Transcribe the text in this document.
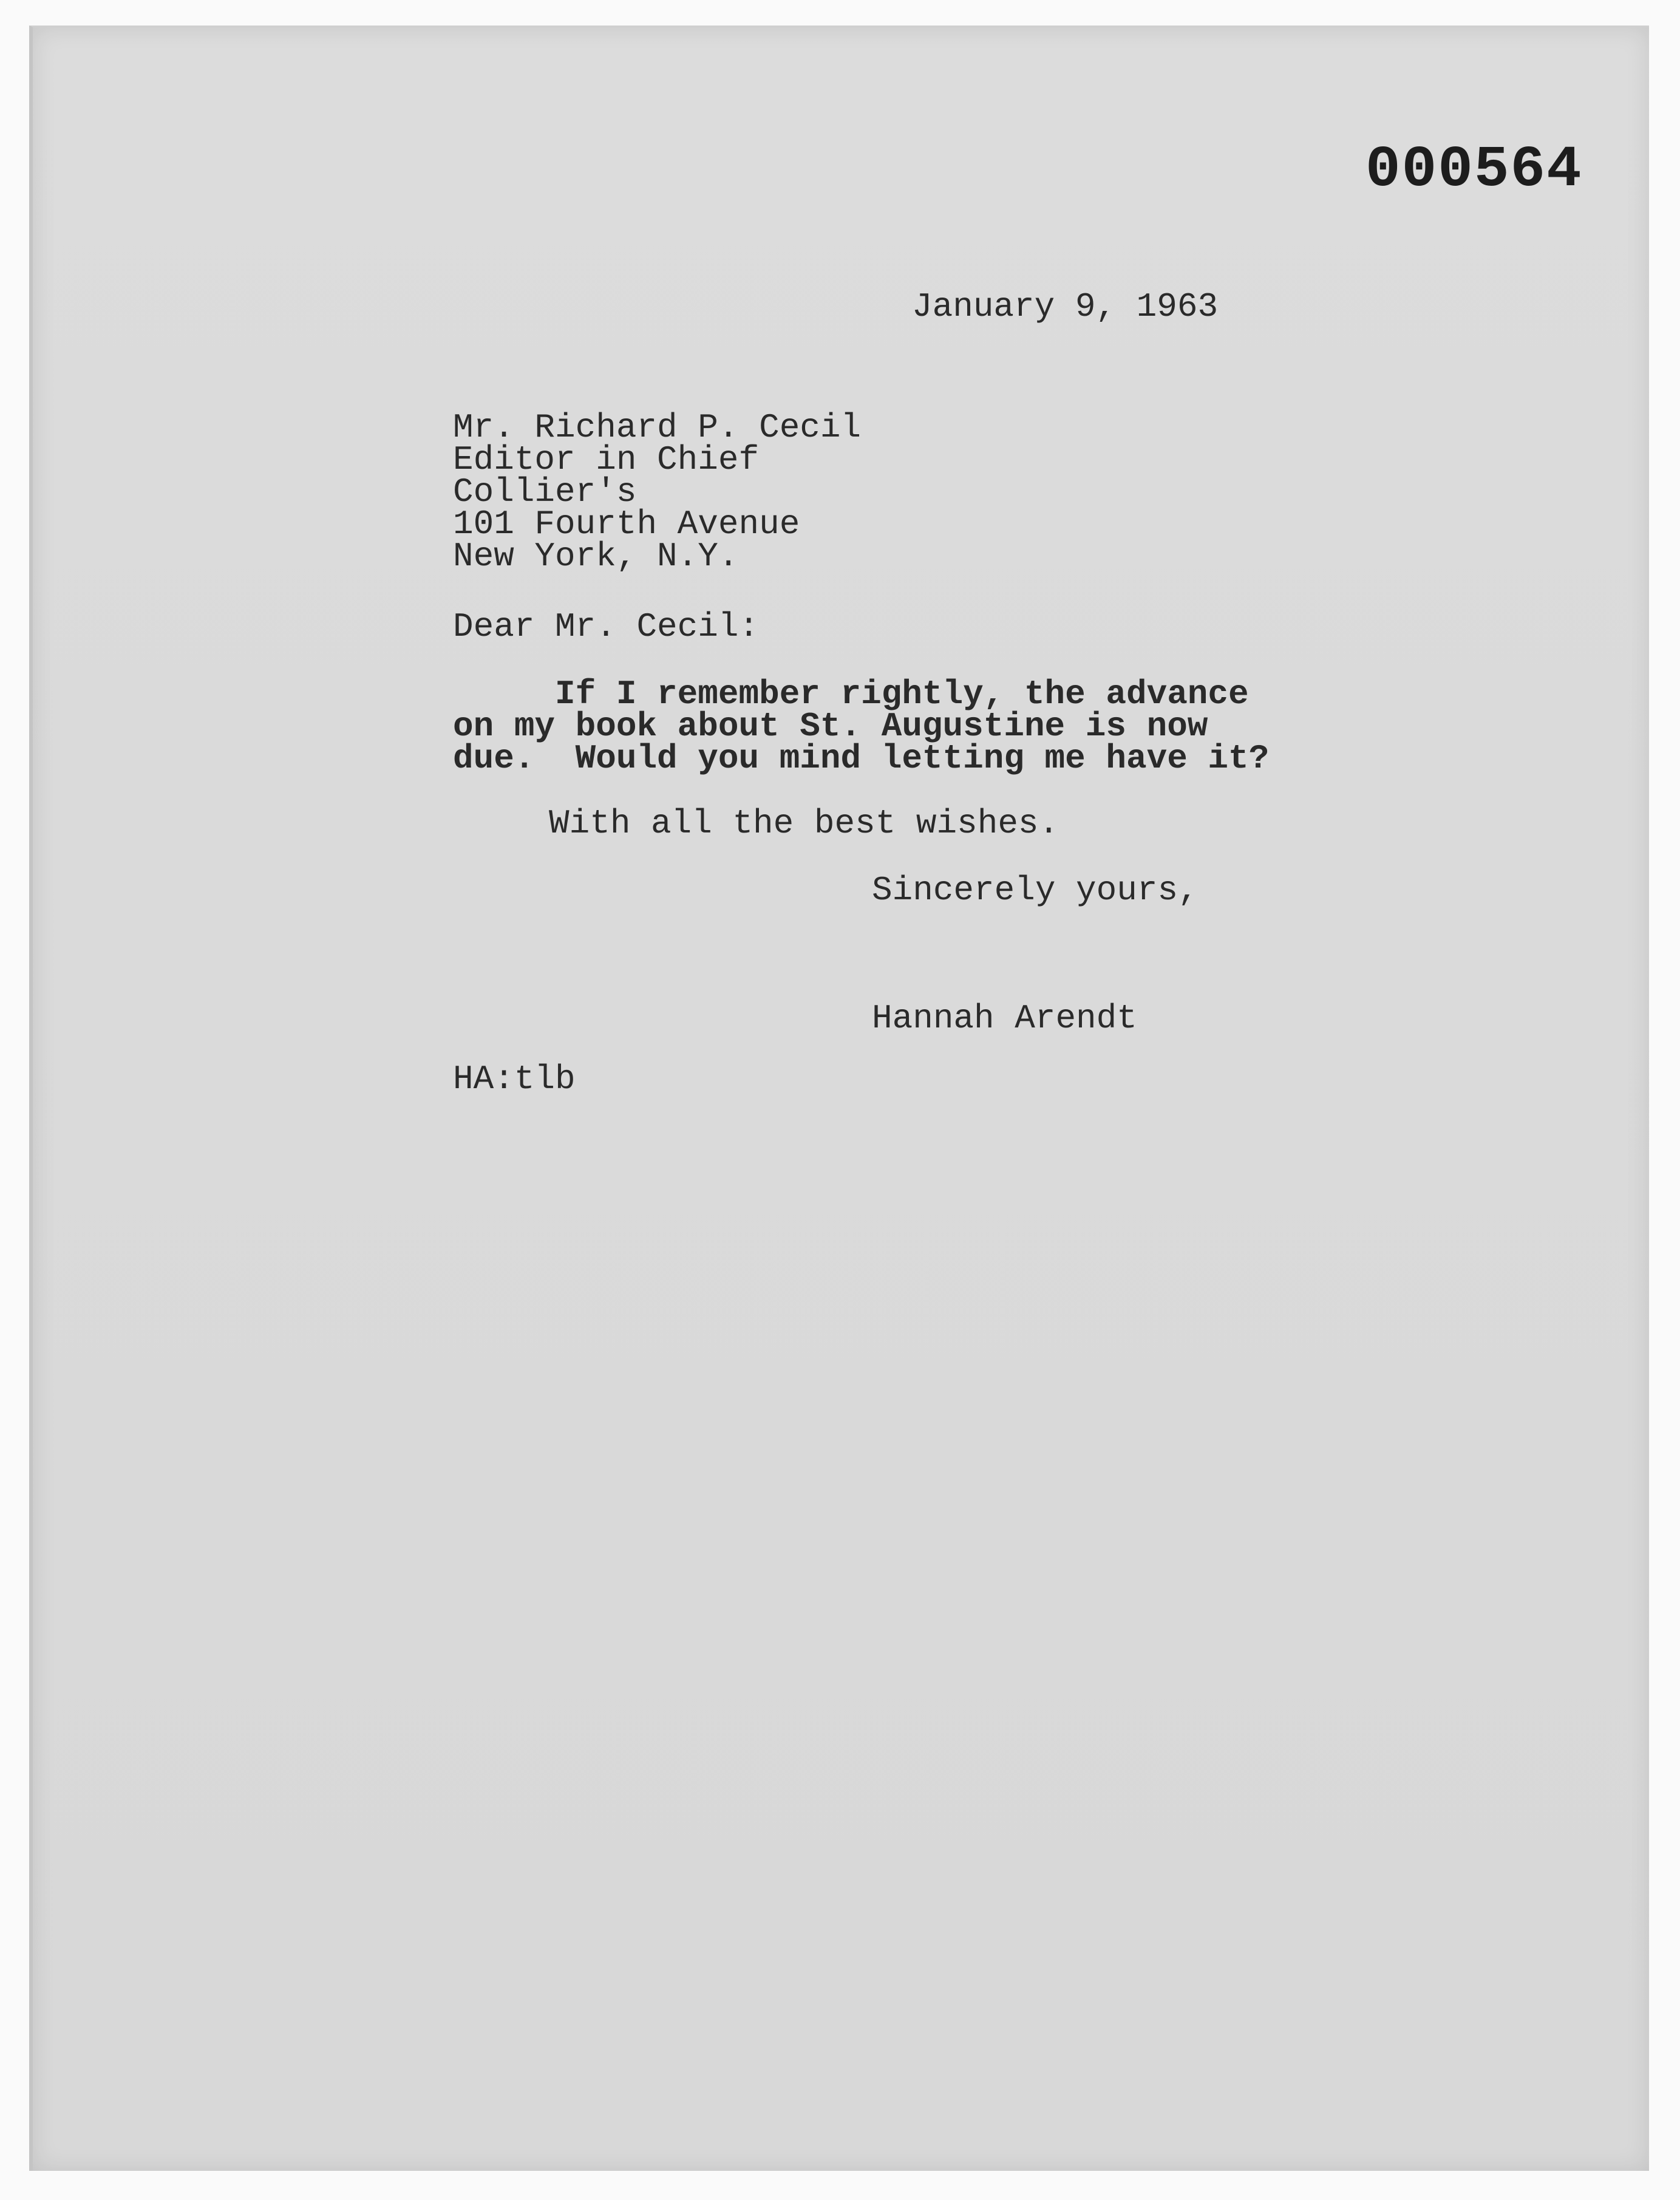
000564
January 9, 1963
Mr. Richard P. Cecil
Editor in Chief
Collier's
101 Fourth Avenue
New York, N.Y.
Dear Mr. Cecil:
If I remember rightly, the advance
on my book about St. Augustine is now
due.  Would you mind letting me have it?
With all the best wishes.
Sincerely yours,
Hannah Arendt
HA:tlb
